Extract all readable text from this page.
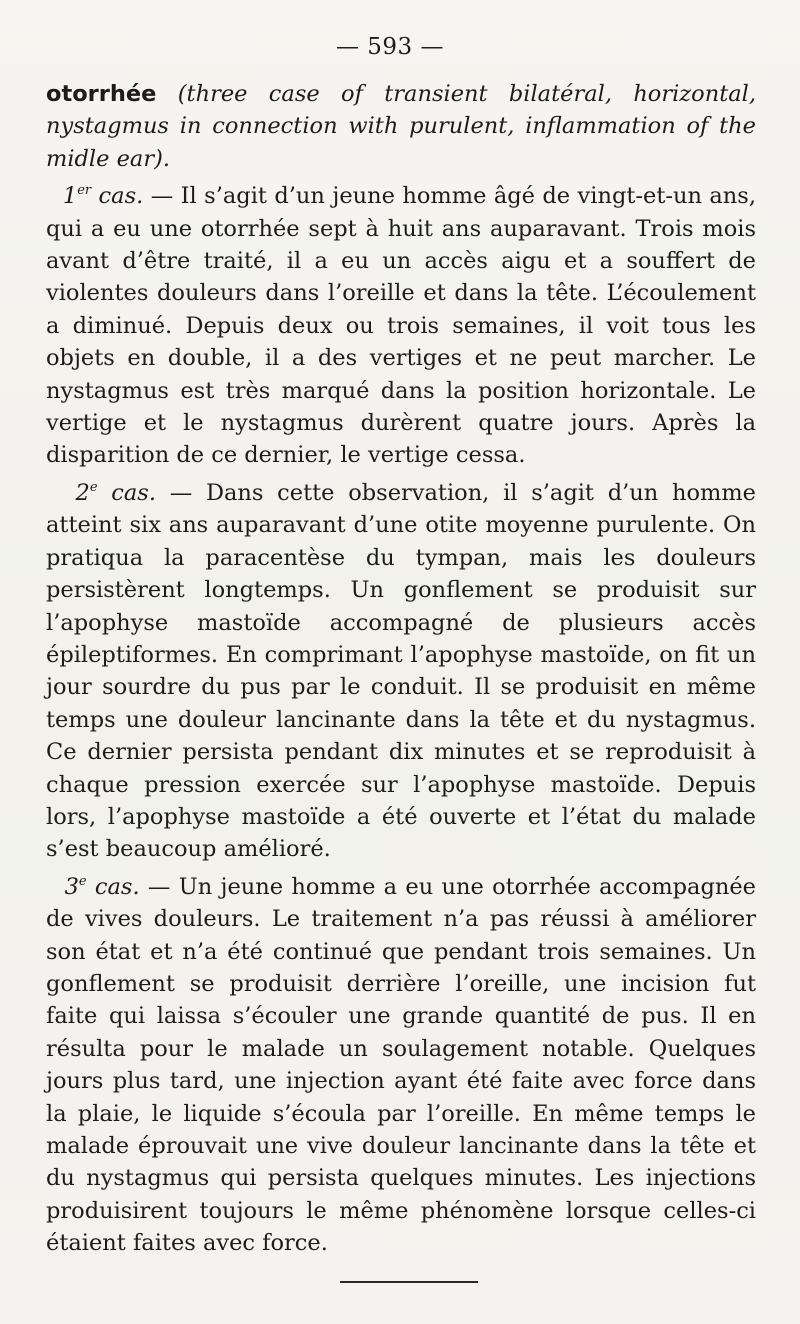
— 593 —

otorrhée (three case of transient bilatéral, horizontal, nystagmus in connection with purulent, inflammation of the midle ear).

1er cas. — Il s’agit d’un jeune homme âgé de vingt-et-un ans, qui a eu une otorrhée sept à huit ans auparavant. Trois mois avant d’être traité, il a eu un accès aigu et a souffert de violentes douleurs dans l’oreille et dans la tête. L’écoulement a diminué. Depuis deux ou trois semaines, il voit tous les objets en double, il a des vertiges et ne peut marcher. Le nystagmus est très marqué dans la position horizontale. Le vertige et le nystagmus durèrent quatre jours. Après la disparition de ce dernier, le vertige cessa.

2e cas. — Dans cette observation, il s’agit d’un homme atteint six ans auparavant d’une otite moyenne purulente. On pratiqua la paracentèse du tympan, mais les douleurs persistèrent longtemps. Un gonflement se produisit sur l’apophyse mastoïde accompagné de plusieurs accès épileptiformes. En comprimant l’apophyse mastoïde, on fit un jour sourdre du pus par le conduit. Il se produisit en même temps une douleur lancinante dans la tête et du nystagmus. Ce dernier persista pendant dix minutes et se reproduisit à chaque pression exercée sur l’apophyse mastoïde. Depuis lors, l’apophyse mastoïde a été ouverte et l’état du malade s’est beaucoup amélioré.

3e cas. — Un jeune homme a eu une otorrhée accompagnée de vives douleurs. Le traitement n’a pas réussi à améliorer son état et n’a été continué que pendant trois semaines. Un gonflement se produisit derrière l’oreille, une incision fut faite qui laissa s’écouler une grande quantité de pus. Il en résulta pour le malade un soulagement notable. Quelques jours plus tard, une injection ayant été faite avec force dans la plaie, le liquide s’écoula par l’oreille. En même temps le malade éprouvait une vive douleur lancinante dans la tête et du nystagmus qui persista quelques minutes. Les injections produisirent toujours le même phénomène lorsque celles-ci étaient faites avec force.
